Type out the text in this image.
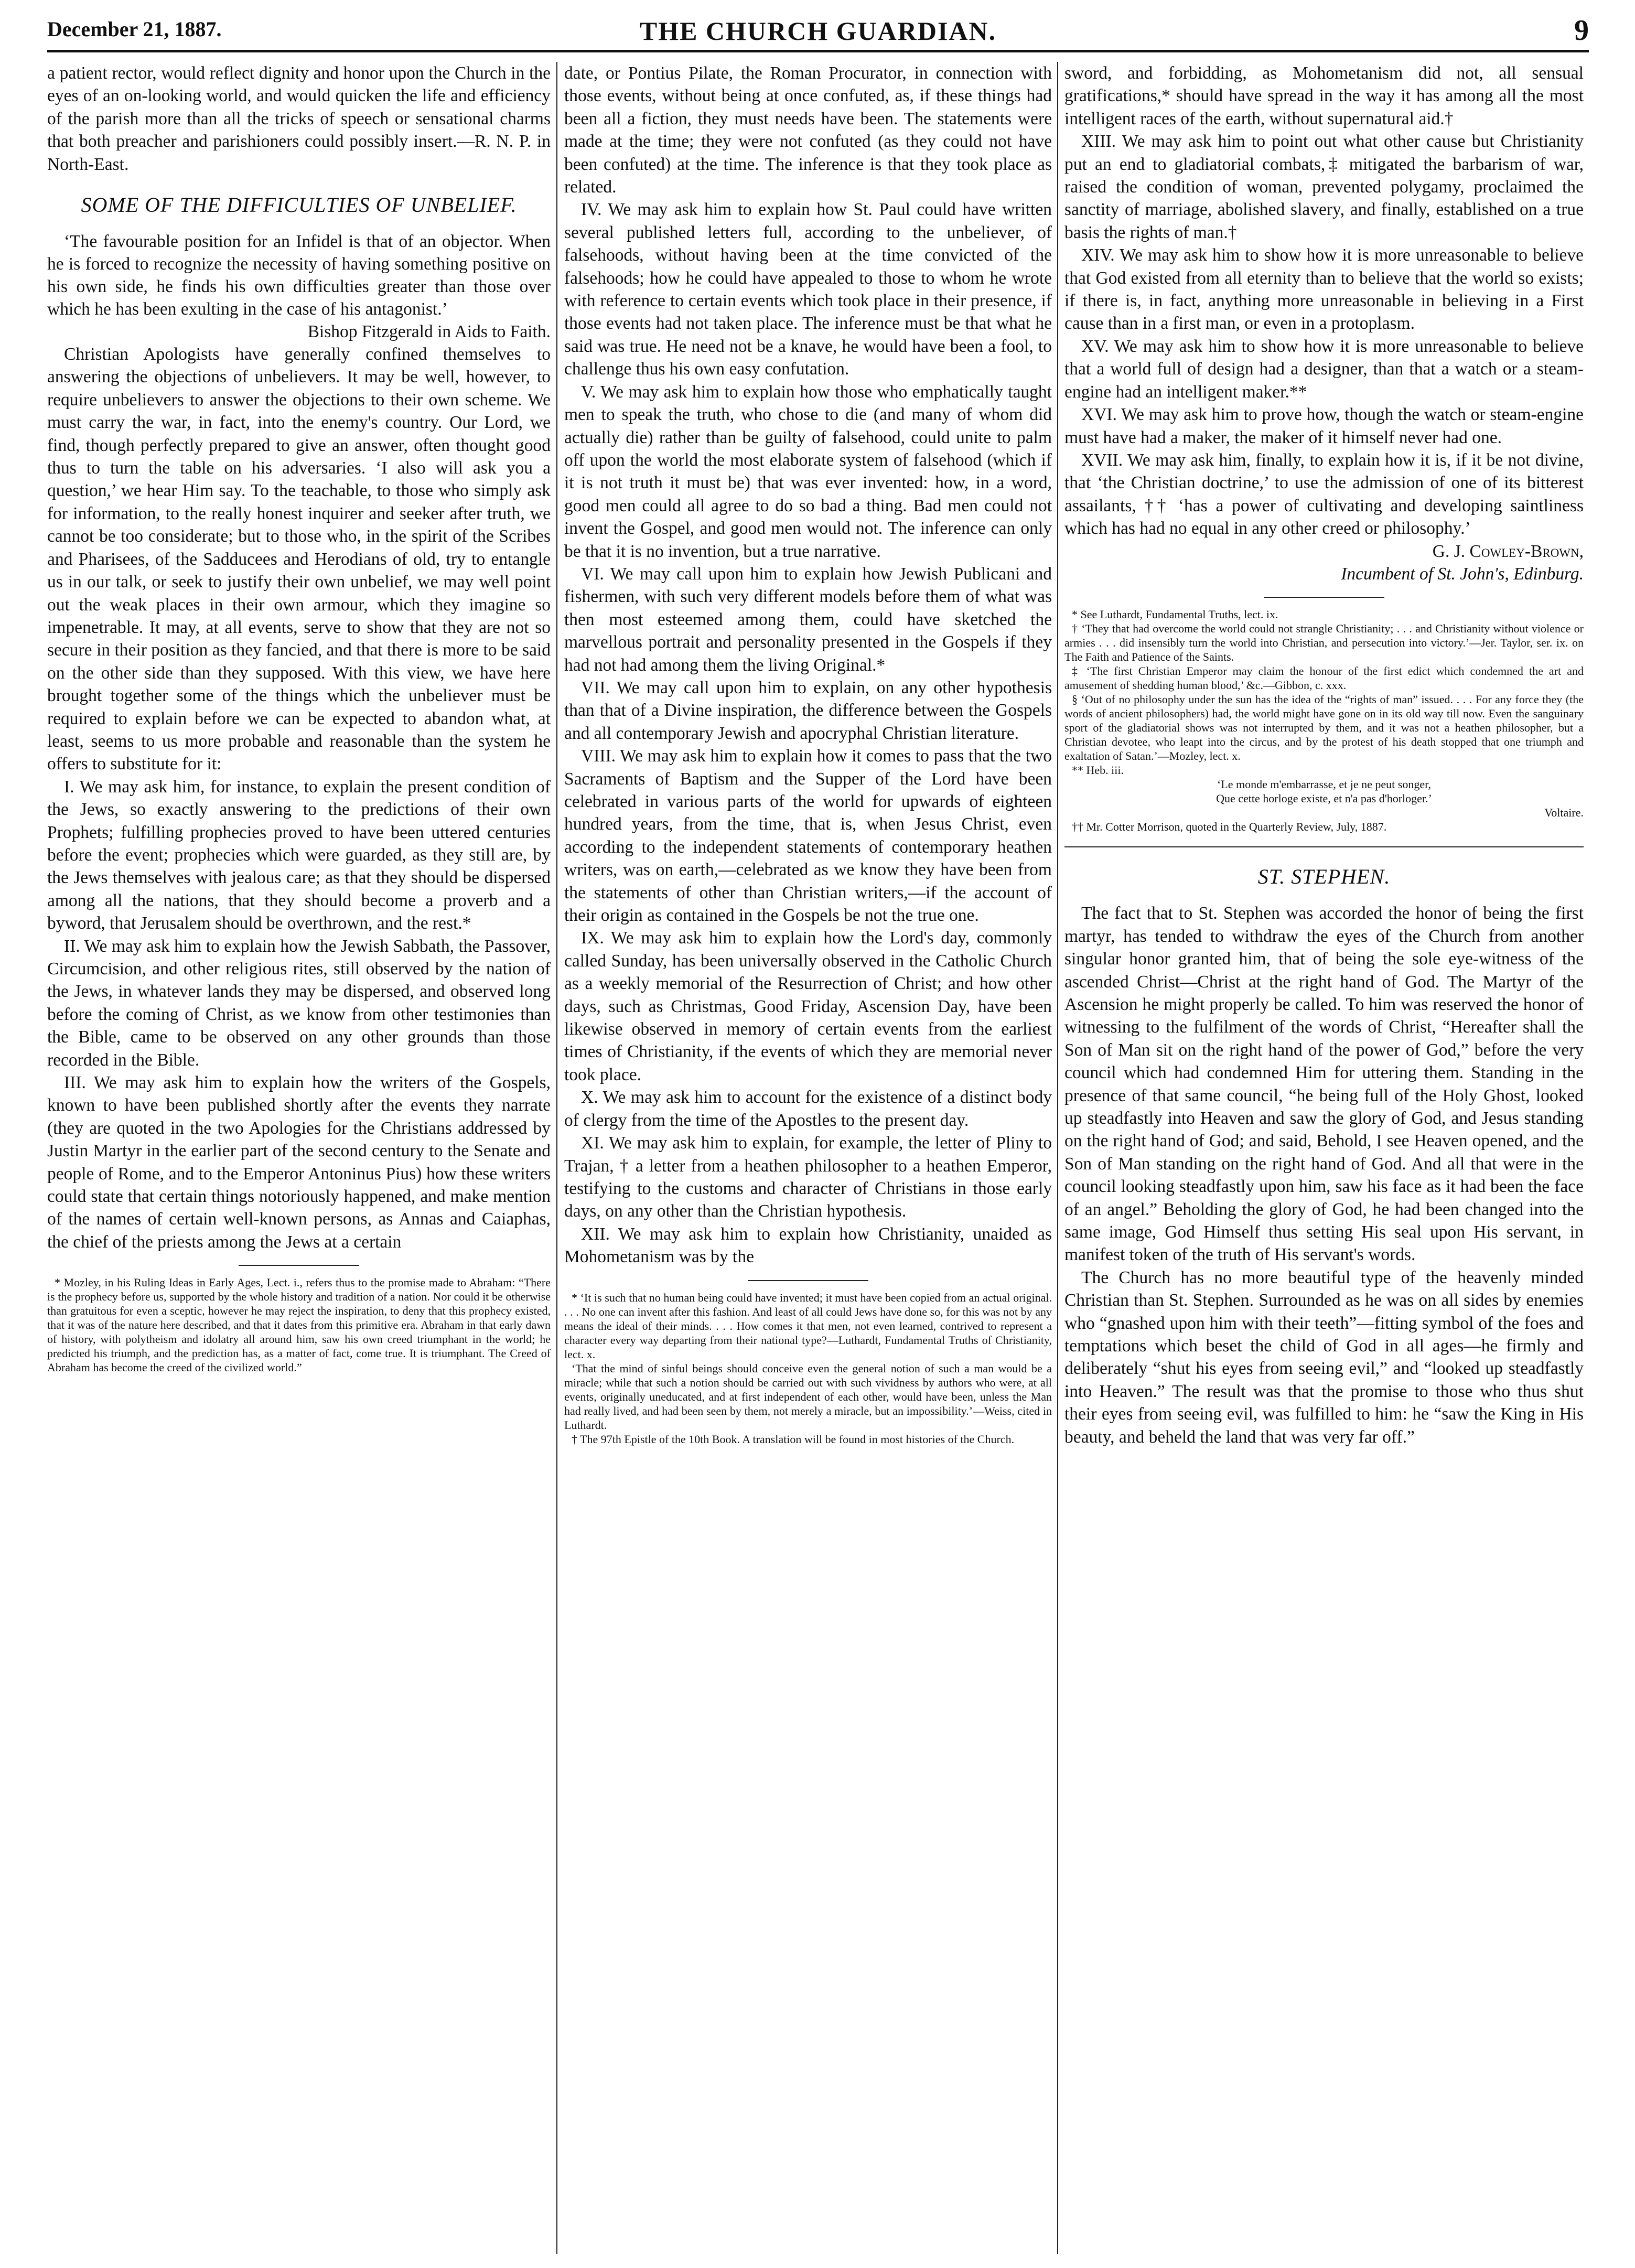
December 21, 1887.	THE CHURCH GUARDIAN.	9

a patient rector, would reflect dignity and honor upon the Church in the eyes of an on-looking world, and would quicken the life and efficiency of the parish more than all the tricks of speech or sensational charms that both preacher and parishioners could possibly insert.—R. N. P. in North-East.

SOME OF THE DIFFICULTIES OF UNBELIEF.

‘The favourable position for an Infidel is that of an objector. When he is forced to recognize the necessity of having something positive on his own side, he finds his own difficulties greater than those over which he has been exulting in the case of his antagonist.’

Bishop Fitzgerald in Aids to Faith.

Christian Apologists have generally confined themselves to answering the objections of unbelievers. It may be well, however, to require unbelievers to answer the objections to their own scheme. We must carry the war, in fact, into the enemy's country. Our Lord, we find, though perfectly prepared to give an answer, often thought good thus to turn the table on his adversaries. ‘I also will ask you a question,’ we hear Him say. To the teachable, to those who simply ask for information, to the really honest inquirer and seeker after truth, we cannot be too considerate; but to those who, in the spirit of the Scribes and Pharisees, of the Sadducees and Herodians of old, try to entangle us in our talk, or seek to justify their own unbelief, we may well point out the weak places in their own armour, which they imagine so impenetrable. It may, at all events, serve to show that they are not so secure in their position as they fancied, and that there is more to be said on the other side than they supposed. With this view, we have here brought together some of the things which the unbeliever must be required to explain before we can be expected to abandon what, at least, seems to us more probable and reasonable than the system he offers to substitute for it:

I. We may ask him, for instance, to explain the present condition of the Jews, so exactly answering to the predictions of their own Prophets; fulfilling prophecies proved to have been uttered centuries before the event; prophecies which were guarded, as they still are, by the Jews themselves with jealous care; as that they should be dispersed among all the nations, that they should become a proverb and a byword, that Jerusalem should be overthrown, and the rest.*

II. We may ask him to explain how the Jewish Sabbath, the Passover, Circumcision, and other religious rites, still observed by the nation of the Jews, in whatever lands they may be dispersed, and observed long before the coming of Christ, as we know from other testimonies than the Bible, came to be observed on any other grounds than those recorded in the Bible.

III. We may ask him to explain how the writers of the Gospels, known to have been published shortly after the events they narrate (they are quoted in the two Apologies for the Christians addressed by Justin Martyr in the earlier part of the second century to the Senate and people of Rome, and to the Emperor Antoninus Pius) how these writers could state that certain things notoriously happened, and make mention of the names of certain well-known persons, as Annas and Caiaphas, the chief of the priests among the Jews at a certain

* Mozley, in his Ruling Ideas in Early Ages, Lect. i., refers thus to the promise made to Abraham: “There is the prophecy before us, supported by the whole history and tradition of a nation. Nor could it be otherwise than gratuitous for even a sceptic, however he may reject the inspiration, to deny that this prophecy existed, that it was of the nature here described, and that it dates from this primitive era. Abraham in that early dawn of history, with polytheism and idolatry all around him, saw his own creed triumphant in the world; he predicted his triumph, and the prediction has, as a matter of fact, come true. It is triumphant. The Creed of Abraham has become the creed of the civilized world.”

date, or Pontius Pilate, the Roman Procurator, in connection with those events, without being at once confuted, as, if these things had been all a fiction, they must needs have been. The statements were made at the time; they were not confuted (as they could not have been confuted) at the time. The inference is that they took place as related.

IV. We may ask him to explain how St. Paul could have written several published letters full, according to the unbeliever, of falsehoods, without having been at the time convicted of the falsehoods; how he could have appealed to those to whom he wrote with reference to certain events which took place in their presence, if those events had not taken place. The inference must be that what he said was true. He need not be a knave, he would have been a fool, to challenge thus his own easy confutation.

V. We may ask him to explain how those who emphatically taught men to speak the truth, who chose to die (and many of whom did actually die) rather than be guilty of falsehood, could unite to palm off upon the world the most elaborate system of falsehood (which if it is not truth it must be) that was ever invented: how, in a word, good men could all agree to do so bad a thing. Bad men could not invent the Gospel, and good men would not. The inference can only be that it is no invention, but a true narrative.

VI. We may call upon him to explain how Jewish Publicani and fishermen, with such very different models before them of what was then most esteemed among them, could have sketched the marvellous portrait and personality presented in the Gospels if they had not had among them the living Original.*

VII. We may call upon him to explain, on any other hypothesis than that of a Divine inspiration, the difference between the Gospels and all contemporary Jewish and apocryphal Christian literature.

VIII. We may ask him to explain how it comes to pass that the two Sacraments of Baptism and the Supper of the Lord have been celebrated in various parts of the world for upwards of eighteen hundred years, from the time, that is, when Jesus Christ, even according to the independent statements of contemporary heathen writers, was on earth,—celebrated as we know they have been from the statements of other than Christian writers,—if the account of their origin as contained in the Gospels be not the true one.

IX. We may ask him to explain how the Lord's day, commonly called Sunday, has been universally observed in the Catholic Church as a weekly memorial of the Resurrection of Christ; and how other days, such as Christmas, Good Friday, Ascension Day, have been likewise observed in memory of certain events from the earliest times of Christianity, if the events of which they are memorial never took place.

X. We may ask him to account for the existence of a distinct body of clergy from the time of the Apostles to the present day.

XI. We may ask him to explain, for example, the letter of Pliny to Trajan, † a letter from a heathen philosopher to a heathen Emperor, testifying to the customs and character of Christians in those early days, on any other than the Christian hypothesis.

XII. We may ask him to explain how Christianity, unaided as Mohometanism was by the

* ‘It is such that no human being could have invented; it must have been copied from an actual original. . . . No one can invent after this fashion. And least of all could Jews have done so, for this was not by any means the ideal of their minds. . . . How comes it that men, not even learned, contrived to represent a character every way departing from their national type?—Luthardt, Fundamental Truths of Christianity, lect. x.

‘That the mind of sinful beings should conceive even the general notion of such a man would be a miracle; while that such a notion should be carried out with such vividness by authors who were, at all events, originally uneducated, and at first independent of each other, would have been, unless the Man had really lived, and had been seen by them, not merely a miracle, but an impossibility.’—Weiss, cited in Luthardt.

† The 97th Epistle of the 10th Book. A translation will be found in most histories of the Church.

sword, and forbidding, as Mohometanism did not, all sensual gratifications,* should have spread in the way it has among all the most intelligent races of the earth, without supernatural aid.†

XIII. We may ask him to point out what other cause but Christianity put an end to gladiatorial combats,‡ mitigated the barbarism of war, raised the condition of woman, prevented polygamy, proclaimed the sanctity of marriage, abolished slavery, and finally, established on a true basis the rights of man.†

XIV. We may ask him to show how it is more unreasonable to believe that God existed from all eternity than to believe that the world so exists; if there is, in fact, anything more unreasonable in believing in a First cause than in a first man, or even in a protoplasm.

XV. We may ask him to show how it is more unreasonable to believe that a world full of design had a designer, than that a watch or a steam-engine had an intelligent maker.**

XVI. We may ask him to prove how, though the watch or steam-engine must have had a maker, the maker of it himself never had one.

XVII. We may ask him, finally, to explain how it is, if it be not divine, that ‘the Christian doctrine,’ to use the admission of one of its bitterest assailants, †† ‘has a power of cultivating and developing saintliness which has had no equal in any other creed or philosophy.’

G. J. Cowley-Brown,

Incumbent of St. John's, Edinburg.

* See Luthardt, Fundamental Truths, lect. ix.

† ‘They that had overcome the world could not strangle Christianity; . . . and Christianity without violence or armies . . . did insensibly turn the world into Christian, and persecution into victory.’—Jer. Taylor, ser. ix. on The Faith and Patience of the Saints.

‡ ‘The first Christian Emperor may claim the honour of the first edict which condemned the art and amusement of shedding human blood,’ &c.—Gibbon, c. xxx.

§ ‘Out of no philosophy under the sun has the idea of the “rights of man” issued. . . . For any force they (the words of ancient philosophers) had, the world might have gone on in its old way till now. Even the sanguinary sport of the gladiatorial shows was not interrupted by them, and it was not a heathen philosopher, but a Christian devotee, who leapt into the circus, and by the protest of his death stopped that one triumph and exaltation of Satan.’—Mozley, lect. x.

** Heb. iii.

‘Le monde m'embarrasse, et je ne peut songer,

Que cette horloge existe, et n'a pas d'horloger.’

Voltaire.

†† Mr. Cotter Morrison, quoted in the Quarterly Review, July, 1887.

ST. STEPHEN.

The fact that to St. Stephen was accorded the honor of being the first martyr, has tended to withdraw the eyes of the Church from another singular honor granted him, that of being the sole eye-witness of the ascended Christ—Christ at the right hand of God. The Martyr of the Ascension he might properly be called. To him was reserved the honor of witnessing to the fulfilment of the words of Christ, “Hereafter shall the Son of Man sit on the right hand of the power of God,” before the very council which had condemned Him for uttering them. Standing in the presence of that same council, “he being full of the Holy Ghost, looked up steadfastly into Heaven and saw the glory of God, and Jesus standing on the right hand of God; and said, Behold, I see Heaven opened, and the Son of Man standing on the right hand of God. And all that were in the council looking steadfastly upon him, saw his face as it had been the face of an angel.” Beholding the glory of God, he had been changed into the same image, God Himself thus setting His seal upon His servant, in manifest token of the truth of His servant's words.

The Church has no more beautiful type of the heavenly minded Christian than St. Stephen. Surrounded as he was on all sides by enemies who “gnashed upon him with their teeth”—fitting symbol of the foes and temptations which beset the child of God in all ages—he firmly and deliberately “shut his eyes from seeing evil,” and “looked up steadfastly into Heaven.” The result was that the promise to those who thus shut their eyes from seeing evil, was fulfilled to him: he “saw the King in His beauty, and beheld the land that was very far off.”
